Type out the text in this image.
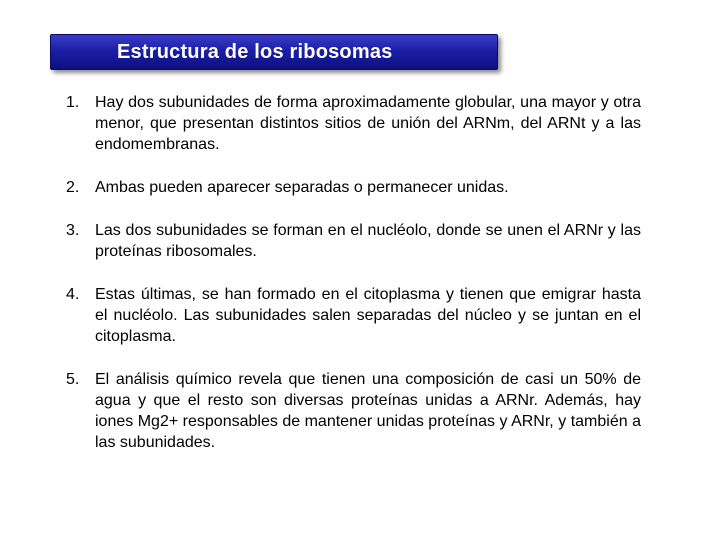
Estructura de los ribosomas
1. Hay dos subunidades de forma aproximadamente globular, una mayor y otra menor, que presentan distintos sitios de unión del ARNm, del ARNt y a las endomembranas.
2. Ambas pueden aparecer separadas o permanecer unidas.
3. Las dos subunidades se forman en el nucléolo, donde se unen el ARNr y las proteínas ribosomales.
4. Estas últimas, se han formado en el citoplasma y tienen que emigrar hasta el nucléolo. Las subunidades salen separadas del núcleo y se juntan en el citoplasma.
5. El análisis químico revela que tienen una composición de casi un 50% de agua y que el resto son diversas proteínas unidas a ARNr. Además, hay iones Mg2+ responsables de mantener unidas proteínas y ARNr, y también a las subunidades.
